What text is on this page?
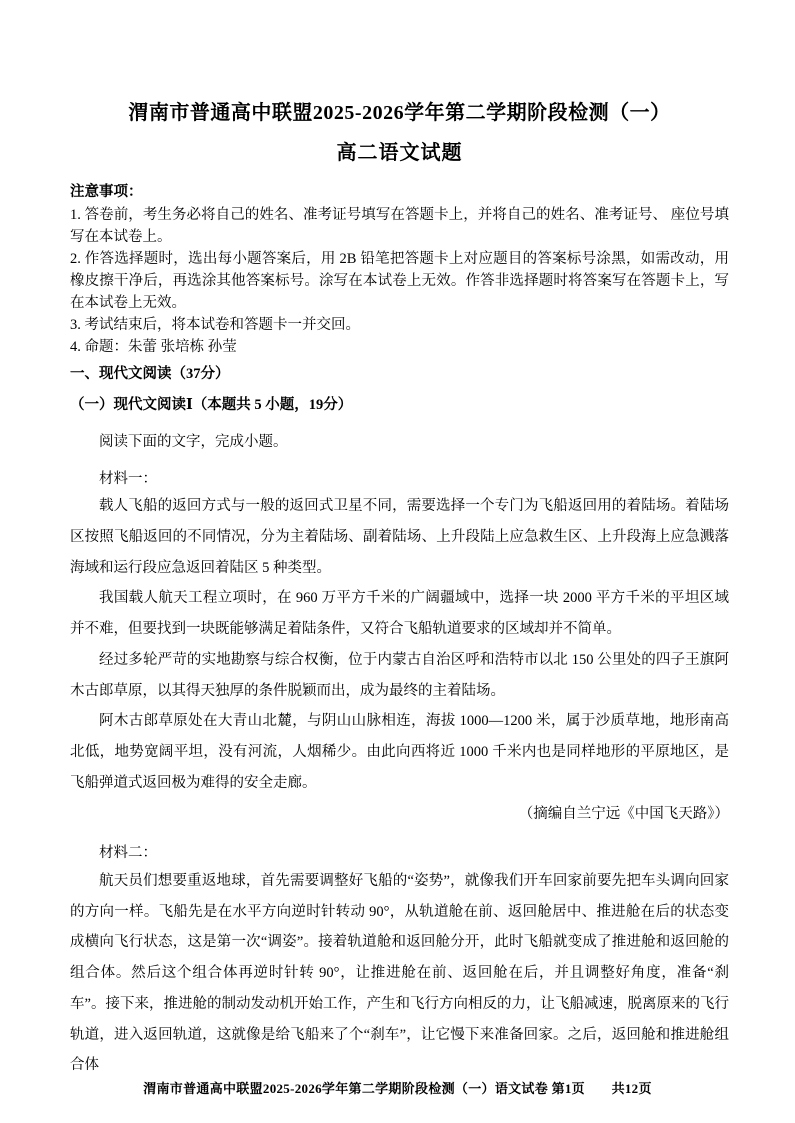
渭南市普通高中联盟2025-2026学年第二学期阶段检测（一）
高二语文试题
注意事项：
1. 答卷前，考生务必将自己的姓名、准考证号填写在答题卡上，并将自己的姓名、准考证号、 座位号填写在本试卷上。
2. 作答选择题时，选出每小题答案后，用 2B 铅笔把答题卡上对应题目的答案标号涂黑，如需改动，用橡皮擦干净后，再选涂其他答案标号。涂写在本试卷上无效。作答非选择题时将答案写在答题卡上，写在本试卷上无效。
3. 考试结束后，将本试卷和答题卡一并交回。
4. 命题：朱蕾 张培栋 孙莹
一、现代文阅读（37分）
（一）现代文阅读Ⅰ（本题共 5 小题，19分）
阅读下面的文字，完成小题。
材料一：
载人飞船的返回方式与一般的返回式卫星不同，需要选择一个专门为飞船返回用的着陆场。着陆场区按照飞船返回的不同情况，分为主着陆场、副着陆场、上升段陆上应急救生区、上升段海上应急溅落海域和运行段应急返回着陆区 5 种类型。
我国载人航天工程立项时，在 960 万平方千米的广阔疆域中，选择一块 2000 平方千米的平坦区域并不难，但要找到一块既能够满足着陆条件，又符合飞船轨道要求的区域却并不简单。
经过多轮严苛的实地勘察与综合权衡，位于内蒙古自治区呼和浩特市以北 150 公里处的四子王旗阿木古郎草原，以其得天独厚的条件脱颖而出，成为最终的主着陆场。
阿木古郎草原处在大青山北麓，与阴山山脉相连，海拔 1000—1200 米，属于沙质草地，地形南高北低，地势宽阔平坦，没有河流，人烟稀少。由此向西将近 1000 千米内也是同样地形的平原地区，是飞船弹道式返回极为难得的安全走廊。
（摘编自兰宁远《中国飞天路》）
材料二：
航天员们想要重返地球，首先需要调整好飞船的“姿势”，就像我们开车回家前要先把车头调向回家的方向一样。飞船先是在水平方向逆时针转动 90°，从轨道舱在前、返回舱居中、推进舱在后的状态变成横向飞行状态，这是第一次“调姿”。接着轨道舱和返回舱分开，此时飞船就变成了推进舱和返回舱的组合体。然后这个组合体再逆时针转 90°，让推进舱在前、返回舱在后，并且调整好角度，准备“刹车”。接下来，推进舱的制动发动机开始工作，产生和飞行方向相反的力，让飞船减速，脱离原来的飞行轨道，进入返回轨道，这就像是给飞船来了个“刹车”，让它慢下来准备回家。之后，返回舱和推进舱组合体
渭南市普通高中联盟2025-2026学年第二学期阶段检测（一）语文试卷 第1页　　共12页
